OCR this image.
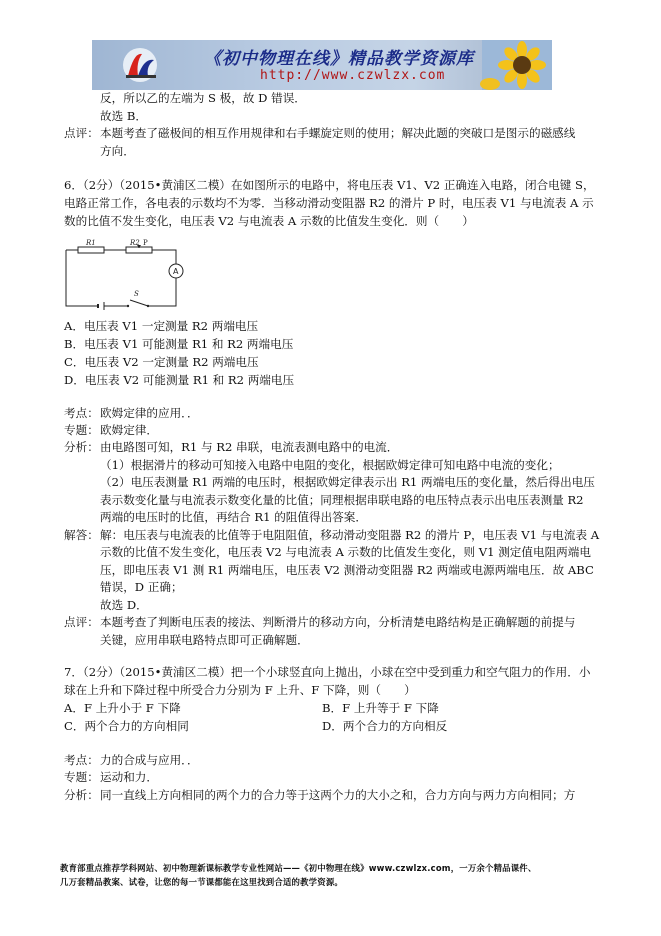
《初中物理在线》精品教学资源库
http://www.czwlzx.com
反，所以乙的左端为 S 极，故 D 错误．
故选 B．
点评： 本题考查了磁极间的相互作用规律和右手螺旋定则的使用；解决此题的突破口是图示的磁感线
方向．
6．（2分）（2015•黄浦区二模）在如图所示的电路中，将电压表 V1、V2 正确连入电路，闭合电键 S，
电路正常工作，各电表的示数均不为零．当移动滑动变阻器 R2 的滑片 P 时，电压表 V1 与电流表 A 示
数的比值不发生变化，电压表 V2 与电流表 A 示数的比值发生变化．则（　　）
R1	R2 P
A
S
A．电压表 V1 一定测量 R2 两端电压
B．电压表 V1 可能测量 R1 和 R2 两端电压
C．电压表 V2 一定测量 R2 两端电压
D．电压表 V2 可能测量 R1 和 R2 两端电压
考点： 欧姆定律的应用．．
专题： 欧姆定律．
分析： 由电路图可知，R1 与 R2 串联，电流表测电路中的电流．
（1）根据滑片的移动可知接入电路中电阻的变化，根据欧姆定律可知电路中电流的变化；
（2）电压表测量 R1 两端的电压时，根据欧姆定律表示出 R1 两端电压的变化量，然后得出电压
表示数变化量与电流表示数变化量的比值；同理根据串联电路的电压特点表示出电压表测量 R2
两端的电压时的比值，再结合 R1 的阻值得出答案．
解答： 解：电压表与电流表的比值等于电阻阻值，移动滑动变阻器 R2 的滑片 P，电压表 V1 与电流表 A
示数的比值不发生变化，电压表 V2 与电流表 A 示数的比值发生变化，则 V1 测定值电阻两端电
压，即电压表 V1 测 R1 两端电压，电压表 V2 测滑动变阻器 R2 两端或电源两端电压．故 ABC
错误，D 正确；
故选 D．
点评： 本题考查了判断电压表的接法、判断滑片的移动方向，分析清楚电路结构是正确解题的前提与
关键，应用串联电路特点即可正确解题．
7．（2分）（2015•黄浦区二模）把一个小球竖直向上抛出，小球在空中受到重力和空气阻力的作用．小
球在上升和下降过程中所受合力分别为 F 上升、F 下降，则（　　）
A．F 上升小于 F 下降	B．F 上升等于 F 下降
C．两个合力的方向相同	D．两个合力的方向相反
考点： 力的合成与应用．．
专题： 运动和力．
分析： 同一直线上方向相同的两个力的合力等于这两个力的大小之和，合力方向与两力方向相同；方
教育部重点推荐学科网站、初中物理新课标教学专业性网站——《初中物理在线》www.czwlzx.com，一万余个精品课件、
几万套精品教案、试卷，让您的每一节课都能在这里找到合适的教学资源。
